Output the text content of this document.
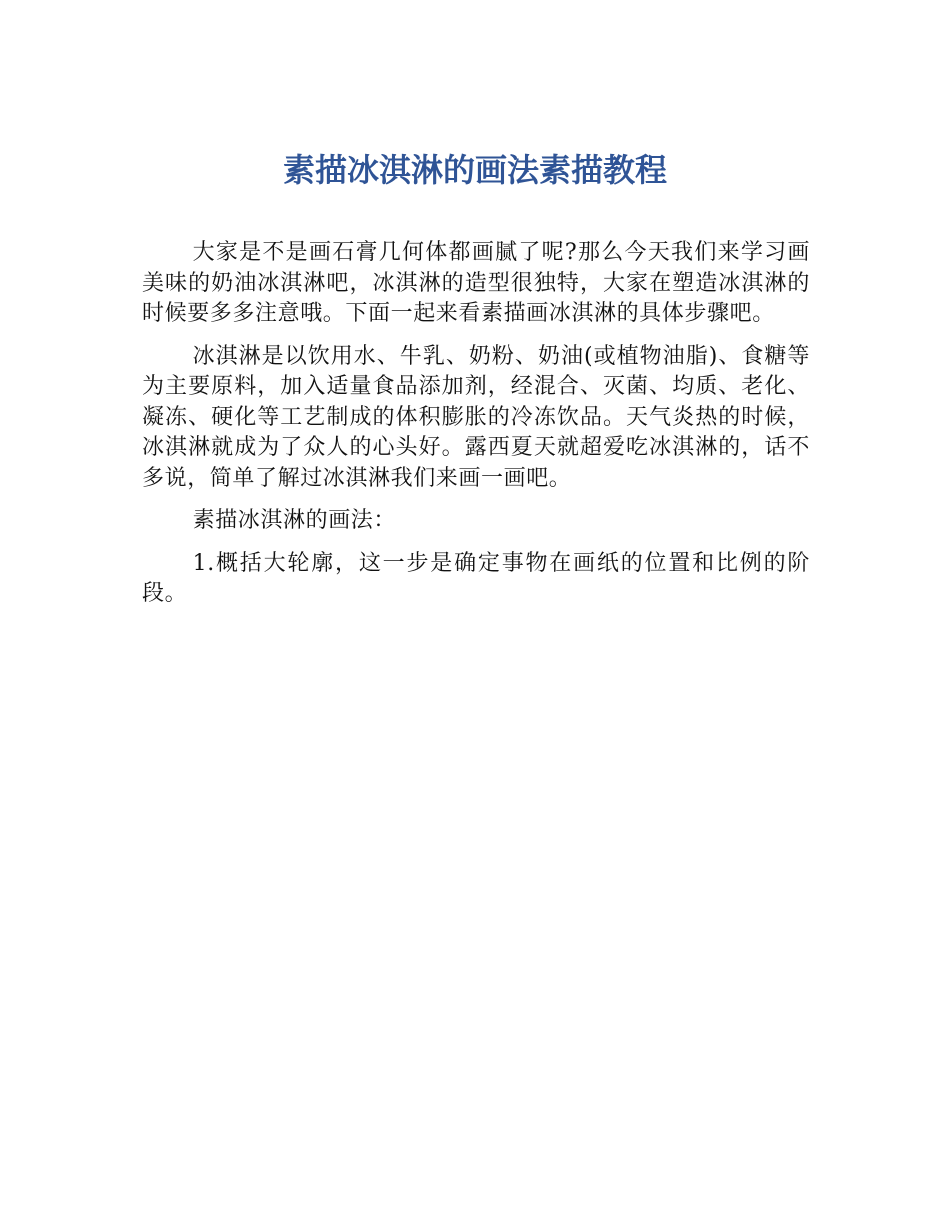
素描冰淇淋的画法素描教程

大家是不是画石膏几何体都画腻了呢?那么今天我们来学习画美味的奶油冰淇淋吧，冰淇淋的造型很独特，大家在塑造冰淇淋的时候要多多注意哦。下面一起来看素描画冰淇淋的具体步骤吧。

冰淇淋是以饮用水、牛乳、奶粉、奶油(或植物油脂)、食糖等为主要原料，加入适量食品添加剂，经混合、灭菌、均质、老化、凝冻、硬化等工艺制成的体积膨胀的冷冻饮品。天气炎热的时候，冰淇淋就成为了众人的心头好。露西夏天就超爱吃冰淇淋的，话不多说，简单了解过冰淇淋我们来画一画吧。

素描冰淇淋的画法：

1.概括大轮廓，这一步是确定事物在画纸的位置和比例的阶段。
